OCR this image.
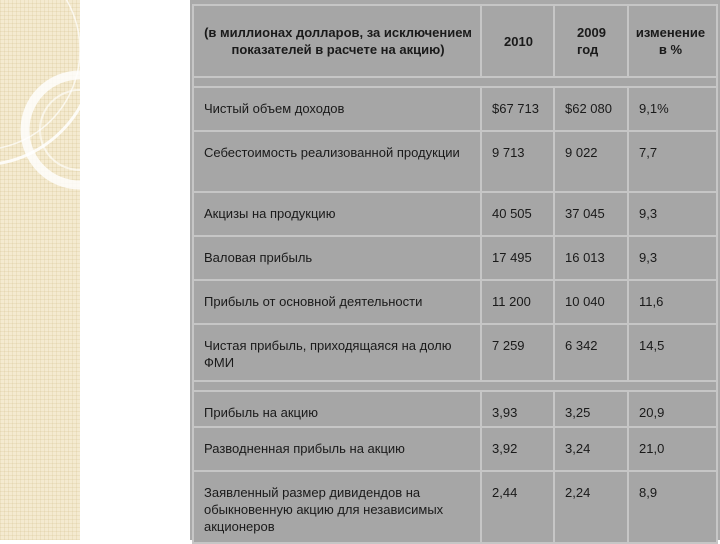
(в миллионах долларов, за исключением показателей в расчете на акцию)	2010	2009 год	изменение в %

Чистый объем доходов	$67 713	$62 080	9,1%
Себестоимость реализованной продукции	9 713	9 022	7,7
Акцизы на продукцию	40 505	37 045	9,3
Валовая прибыль	17 495	16 013	9,3
Прибыль от основной деятельности	11 200	10 040	11,6
Чистая прибыль, приходящаяся на долю ФМИ	7 259	6 342	14,5

Прибыль на акцию	3,93	3,25	20,9
Разводненная прибыль на акцию	3,92	3,24	21,0
Заявленный размер дивидендов на обыкновенную акцию для независимых акционеров	2,44	2,24	8,9
